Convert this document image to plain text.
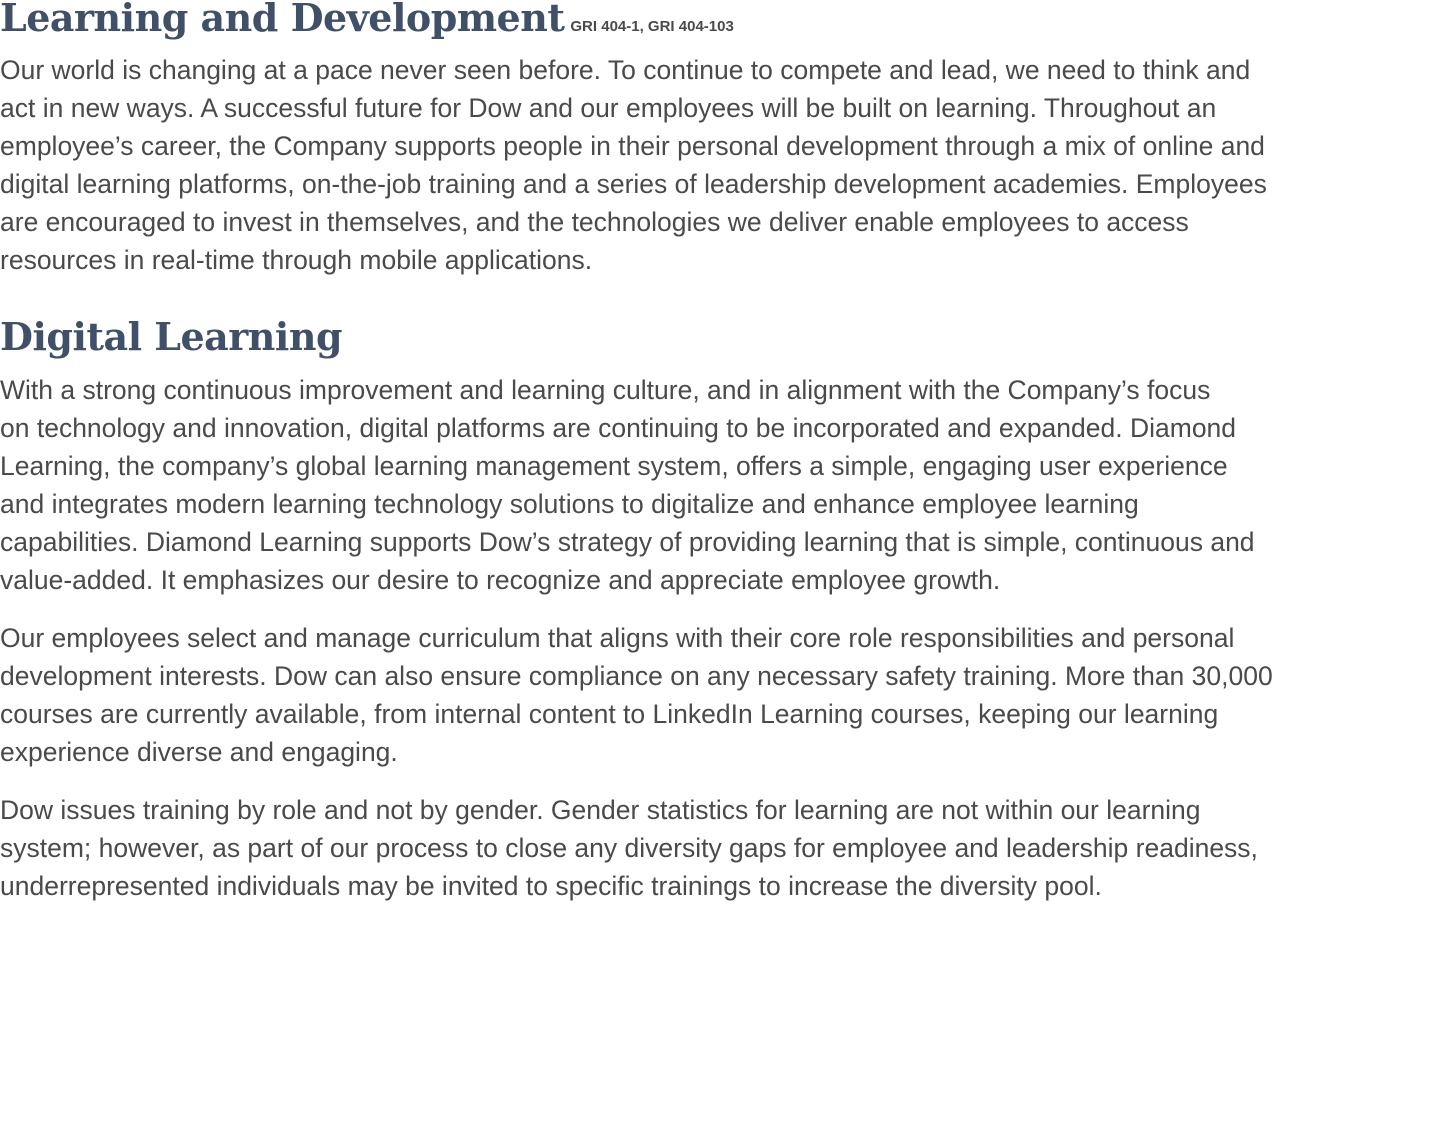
Learning and Development GRI 404-1, GRI 404-103
Our world is changing at a pace never seen before. To continue to compete and lead, we need to think and
act in new ways. A successful future for Dow and our employees will be built on learning. Throughout an
employee’s career, the Company supports people in their personal development through a mix of online and
digital learning platforms, on-the-job training and a series of leadership development academies. Employees
are encouraged to invest in themselves, and the technologies we deliver enable employees to access
resources in real-time through mobile applications.
Digital Learning
With a strong continuous improvement and learning culture, and in alignment with the Company’s focus
on technology and innovation, digital platforms are continuing to be incorporated and expanded. Diamond
Learning, the company’s global learning management system, offers a simple, engaging user experience
and integrates modern learning technology solutions to digitalize and enhance employee learning
capabilities. Diamond Learning supports Dow’s strategy of providing learning that is simple, continuous and
value-added. It emphasizes our desire to recognize and appreciate employee growth.
Our employees select and manage curriculum that aligns with their core role responsibilities and personal
development interests. Dow can also ensure compliance on any necessary safety training. More than 30,000
courses are currently available, from internal content to LinkedIn Learning courses, keeping our learning
experience diverse and engaging.
Dow issues training by role and not by gender. Gender statistics for learning are not within our learning
system; however, as part of our process to close any diversity gaps for employee and leadership readiness,
underrepresented individuals may be invited to specific trainings to increase the diversity pool.
